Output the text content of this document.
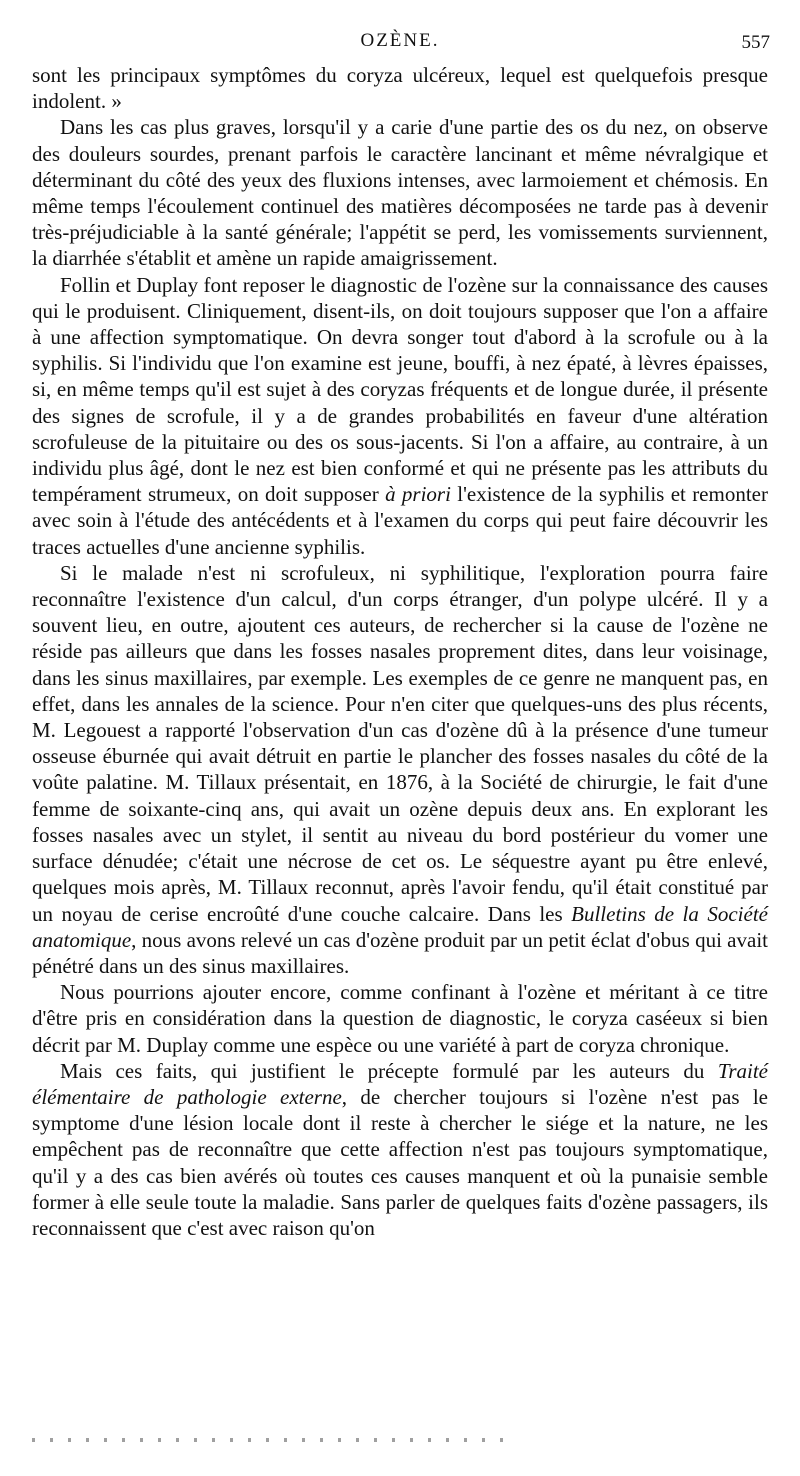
OZÈNE.	557

sont les principaux symptômes du coryza ulcéreux, lequel est quelquefois presque indolent. »

Dans les cas plus graves, lorsqu'il y a carie d'une partie des os du nez, on observe des douleurs sourdes, prenant parfois le caractère lancinant et même névralgique et déterminant du côté des yeux des fluxions intenses, avec larmoiement et chémosis. En même temps l'écoulement continuel des matières décomposées ne tarde pas à devenir très-préjudiciable à la santé générale; l'appétit se perd, les vomissements surviennent, la diarrhée s'établit et amène un rapide amaigrissement.

Follin et Duplay font reposer le diagnostic de l'ozène sur la connaissance des causes qui le produisent. Cliniquement, disent-ils, on doit toujours supposer que l'on a affaire à une affection symptomatique. On devra songer tout d'abord à la scrofule ou à la syphilis. Si l'individu que l'on examine est jeune, bouffi, à nez épaté, à lèvres épaisses, si, en même temps qu'il est sujet à des coryzas fréquents et de longue durée, il présente des signes de scrofule, il y a de grandes probabilités en faveur d'une altération scrofuleuse de la pituitaire ou des os sous-jacents. Si l'on a affaire, au contraire, à un individu plus âgé, dont le nez est bien conformé et qui ne présente pas les attributs du tempérament strumeux, on doit supposer à priori l'existence de la syphilis et remonter avec soin à l'étude des antécédents et à l'examen du corps qui peut faire découvrir les traces actuelles d'une ancienne syphilis.

Si le malade n'est ni scrofuleux, ni syphilitique, l'exploration pourra faire reconnaître l'existence d'un calcul, d'un corps étranger, d'un polype ulcéré. Il y a souvent lieu, en outre, ajoutent ces auteurs, de rechercher si la cause de l'ozène ne réside pas ailleurs que dans les fosses nasales proprement dites, dans leur voisinage, dans les sinus maxillaires, par exemple. Les exemples de ce genre ne manquent pas, en effet, dans les annales de la science. Pour n'en citer que quelques-uns des plus récents, M. Legouest a rapporté l'observation d'un cas d'ozène dû à la présence d'une tumeur osseuse éburnée qui avait détruit en partie le plancher des fosses nasales du côté de la voûte palatine. M. Tillaux présentait, en 1876, à la Société de chirurgie, le fait d'une femme de soixante-cinq ans, qui avait un ozène depuis deux ans. En explorant les fosses nasales avec un stylet, il sentit au niveau du bord postérieur du vomer une surface dénudée; c'était une nécrose de cet os. Le séquestre ayant pu être enlevé, quelques mois après, M. Tillaux reconnut, après l'avoir fendu, qu'il était constitué par un noyau de cerise encroûté d'une couche calcaire. Dans les Bulletins de la Société anatomique, nous avons relevé un cas d'ozène produit par un petit éclat d'obus qui avait pénétré dans un des sinus maxillaires.

Nous pourrions ajouter encore, comme confinant à l'ozène et méritant à ce titre d'être pris en considération dans la question de diagnostic, le coryza caséeux si bien décrit par M. Duplay comme une espèce ou une variété à part de coryza chronique.

Mais ces faits, qui justifient le précepte formulé par les auteurs du Traité élémentaire de pathologie externe, de chercher toujours si l'ozène n'est pas le symptome d'une lésion locale dont il reste à chercher le siége et la nature, ne les empêchent pas de reconnaître que cette affection n'est pas toujours symptomatique, qu'il y a des cas bien avérés où toutes ces causes manquent et où la punaisie semble former à elle seule toute la maladie. Sans parler de quelques faits d'ozène passagers, ils reconnaissent que c'est avec raison qu'on
